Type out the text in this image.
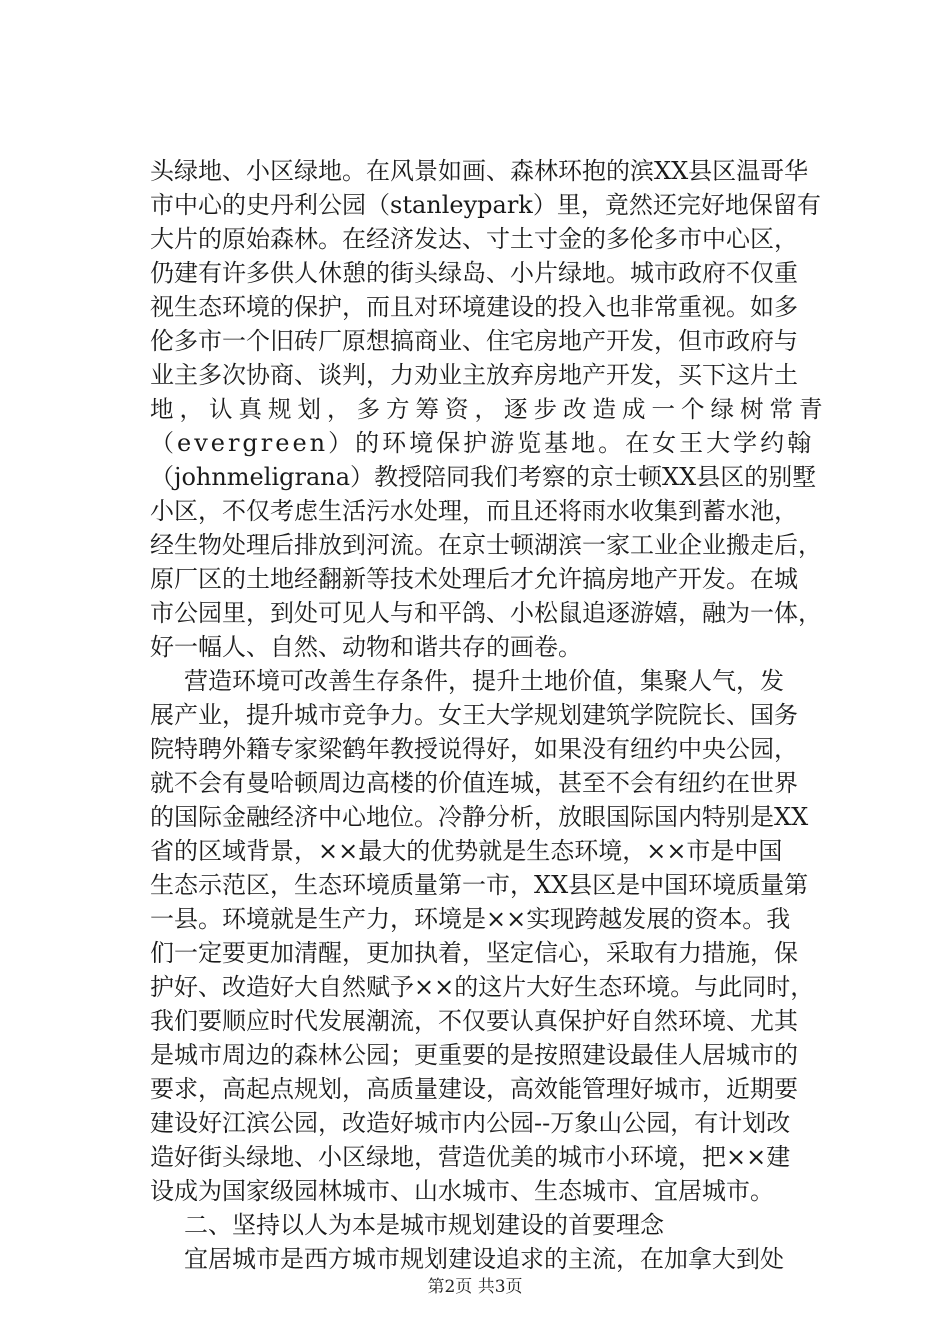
头绿地、小区绿地。在风景如画、森林环抱的滨XX县区温哥华
市中心的史丹利公园（stanleypark）里，竟然还完好地保留有
大片的原始森林。在经济发达、寸土寸金的多伦多市中心区，
仍建有许多供人休憩的街头绿岛、小片绿地。城市政府不仅重
视生态环境的保护，而且对环境建设的投入也非常重视。如多
伦多市一个旧砖厂原想搞商业、住宅房地产开发，但市政府与
业主多次协商、谈判，力劝业主放弃房地产开发，买下这片土
地，认真规划，多方筹资，逐步改造成一个绿树常青
（evergreen）的环境保护游览基地。在女王大学约翰
（johnmeligrana）教授陪同我们考察的京士顿XX县区的别墅
小区，不仅考虑生活污水处理，而且还将雨水收集到蓄水池，
经生物处理后排放到河流。在京士顿湖滨一家工业企业搬走后，
原厂区的土地经翻新等技术处理后才允许搞房地产开发。在城
市公园里，到处可见人与和平鸽、小松鼠追逐游嬉，融为一体，
好一幅人、自然、动物和谐共存的画卷。
营造环境可改善生存条件，提升土地价值，集聚人气，发
展产业，提升城市竞争力。女王大学规划建筑学院院长、国务
院特聘外籍专家梁鹤年教授说得好，如果没有纽约中央公园，
就不会有曼哈顿周边高楼的价值连城，甚至不会有纽约在世界
的国际金融经济中心地位。冷静分析，放眼国际国内特别是XX
省的区域背景，××最大的优势就是生态环境，××市是中国
生态示范区，生态环境质量第一市，XX县区是中国环境质量第
一县。环境就是生产力，环境是××实现跨越发展的资本。我
们一定要更加清醒，更加执着，坚定信心，采取有力措施，保
护好、改造好大自然赋予××的这片大好生态环境。与此同时，
我们要顺应时代发展潮流，不仅要认真保护好自然环境、尤其
是城市周边的森林公园；更重要的是按照建设最佳人居城市的
要求，高起点规划，高质量建设，高效能管理好城市，近期要
建设好江滨公园，改造好城市内公园--万象山公园，有计划改
造好街头绿地、小区绿地，营造优美的城市小环境，把××建
设成为国家级园林城市、山水城市、生态城市、宜居城市。
二、坚持以人为本是城市规划建设的首要理念
宜居城市是西方城市规划建设追求的主流，在加拿大到处
第2页 共3页
